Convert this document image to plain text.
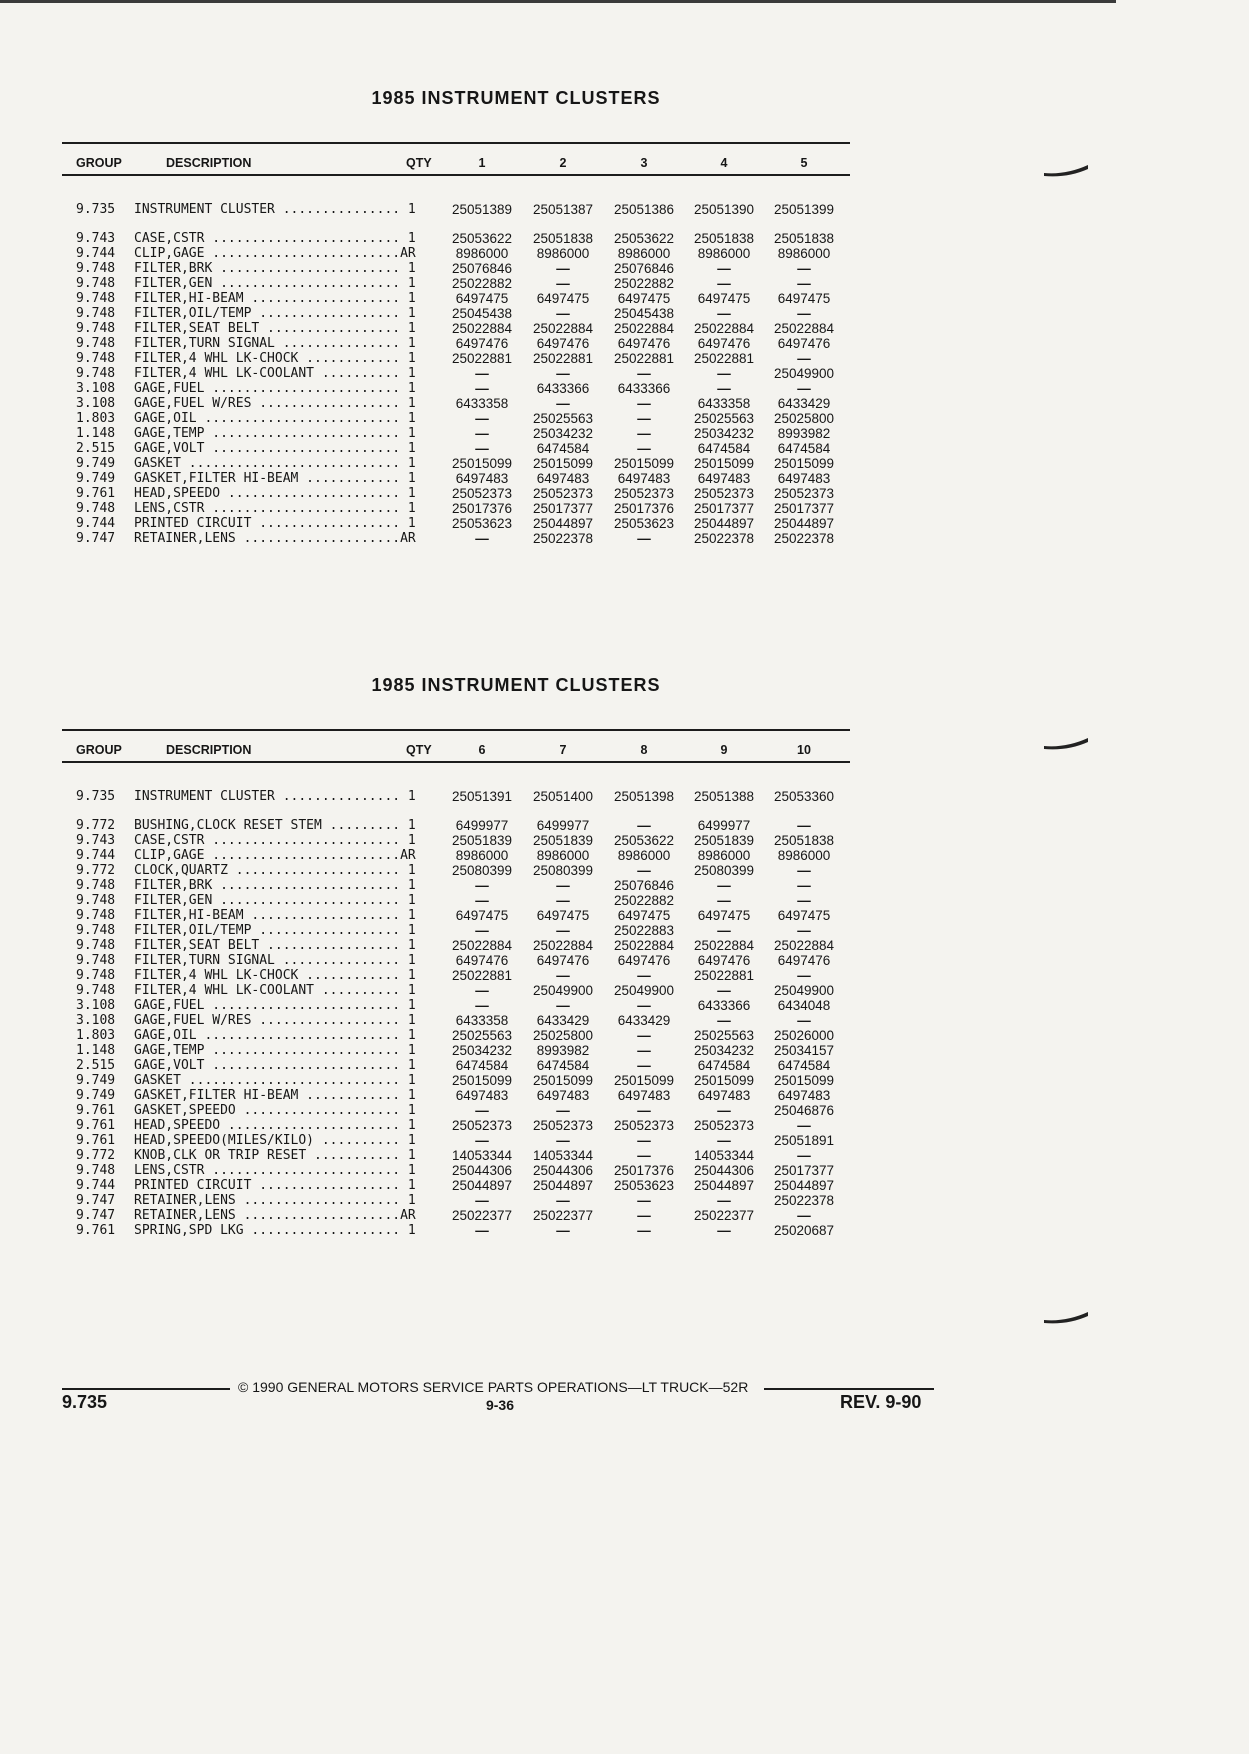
1985 INSTRUMENT CLUSTERS
GROUP	DESCRIPTION	QTY	1	2	3	4	5
9.735 INSTRUMENT CLUSTER ............... 1	25051389	25051387	25051386	25051390	25051399
9.743 CASE,CSTR ........................ 1	25053622	25051838	25053622	25051838	25051838
9.744 CLIP,GAGE ........................AR	8986000	8986000	8986000	8986000	8986000
9.748 FILTER,BRK ....................... 1	25076846	—	25076846	—	—
9.748 FILTER,GEN ....................... 1	25022882	—	25022882	—	—
9.748 FILTER,HI-BEAM ................... 1	6497475	6497475	6497475	6497475	6497475
9.748 FILTER,OIL/TEMP .................. 1	25045438	—	25045438	—	—
9.748 FILTER,SEAT BELT ................. 1	25022884	25022884	25022884	25022884	25022884
9.748 FILTER,TURN SIGNAL ............... 1	6497476	6497476	6497476	6497476	6497476
9.748 FILTER,4 WHL LK-CHOCK ............ 1	25022881	25022881	25022881	25022881	—
9.748 FILTER,4 WHL LK-COOLANT .......... 1	—	—	—	—	25049900
3.108 GAGE,FUEL ........................ 1	—	6433366	6433366	—	—
3.108 GAGE,FUEL W/RES .................. 1	6433358	—	—	6433358	6433429
1.803 GAGE,OIL ......................... 1	—	25025563	—	25025563	25025800
1.148 GAGE,TEMP ........................ 1	—	25034232	—	25034232	8993982
2.515 GAGE,VOLT ........................ 1	—	6474584	—	6474584	6474584
9.749 GASKET ........................... 1	25015099	25015099	25015099	25015099	25015099
9.749 GASKET,FILTER HI-BEAM ............ 1	6497483	6497483	6497483	6497483	6497483
9.761 HEAD,SPEEDO ...................... 1	25052373	25052373	25052373	25052373	25052373
9.748 LENS,CSTR ........................ 1	25017376	25017377	25017376	25017377	25017377
9.744 PRINTED CIRCUIT .................. 1	25053623	25044897	25053623	25044897	25044897
9.747 RETAINER,LENS ....................AR	—	25022378	—	25022378	25022378
1985 INSTRUMENT CLUSTERS
GROUP	DESCRIPTION	QTY	6	7	8	9	10
9.735 INSTRUMENT CLUSTER ............... 1	25051391	25051400	25051398	25051388	25053360
9.772 BUSHING,CLOCK RESET STEM ......... 1	6499977	6499977	—	6499977	—
9.743 CASE,CSTR ........................ 1	25051839	25051839	25053622	25051839	25051838
9.744 CLIP,GAGE ........................AR	8986000	8986000	8986000	8986000	8986000
9.772 CLOCK,QUARTZ ..................... 1	25080399	25080399	—	25080399	—
9.748 FILTER,BRK ....................... 1	—	—	25076846	—	—
9.748 FILTER,GEN ....................... 1	—	—	25022882	—	—
9.748 FILTER,HI-BEAM ................... 1	6497475	6497475	6497475	6497475	6497475
9.748 FILTER,OIL/TEMP .................. 1	—	—	25022883	—	—
9.748 FILTER,SEAT BELT ................. 1	25022884	25022884	25022884	25022884	25022884
9.748 FILTER,TURN SIGNAL ............... 1	6497476	6497476	6497476	6497476	6497476
9.748 FILTER,4 WHL LK-CHOCK ............ 1	25022881	—	—	25022881	—
9.748 FILTER,4 WHL LK-COOLANT .......... 1	—	25049900	25049900	—	25049900
3.108 GAGE,FUEL ........................ 1	—	—	—	6433366	6434048
3.108 GAGE,FUEL W/RES .................. 1	6433358	6433429	6433429	—	—
1.803 GAGE,OIL ......................... 1	25025563	25025800	—	25025563	25026000
1.148 GAGE,TEMP ........................ 1	25034232	8993982	—	25034232	25034157
2.515 GAGE,VOLT ........................ 1	6474584	6474584	—	6474584	6474584
9.749 GASKET ........................... 1	25015099	25015099	25015099	25015099	25015099
9.749 GASKET,FILTER HI-BEAM ............ 1	6497483	6497483	6497483	6497483	6497483
9.761 GASKET,SPEEDO .................... 1	—	—	—	—	25046876
9.761 HEAD,SPEEDO ...................... 1	25052373	25052373	25052373	25052373	—
9.761 HEAD,SPEEDO(MILES/KILO) .......... 1	—	—	—	—	25051891
9.772 KNOB,CLK OR TRIP RESET ........... 1	14053344	14053344	—	14053344	—
9.748 LENS,CSTR ........................ 1	25044306	25044306	25017376	25044306	25017377
9.744 PRINTED CIRCUIT .................. 1	25044897	25044897	25053623	25044897	25044897
9.747 RETAINER,LENS .................... 1	—	—	—	—	25022378
9.747 RETAINER,LENS ....................AR	25022377	25022377	—	25022377	—
9.761 SPRING,SPD LKG ................... 1	—	—	—	—	25020687
© 1990 GENERAL MOTORS SERVICE PARTS OPERATIONS—LT TRUCK—52R
9.735	9-36	REV. 9-90
